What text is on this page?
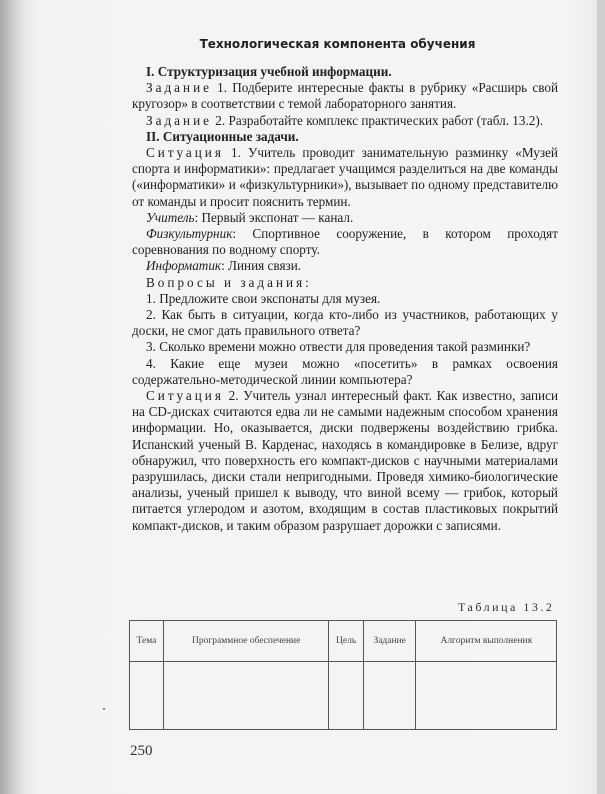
Технологическая компонента обучения

I. Структуризация учебной информации.

Задание 1. Подберите интересные факты в рубрику «Расширь свой кругозор» в соответствии с темой лабораторного занятия.

Задание 2. Разработайте комплекс практических работ (табл. 13.2).

II. Ситуационные задачи.

Ситуация 1. Учитель проводит занимательную разминку «Музей спорта и информатики»: предлагает учащимся разделиться на две команды («информатики» и «физкультурники»), вызывает по одному представителю от команды и просит пояснить термин.

Учитель: Первый экспонат — канал.

Физкультурник: Спортивное сооружение, в котором проходят соревнования по водному спорту.

Информатик: Линия связи.

Вопросы и задания:

1. Предложите свои экспонаты для музея.

2. Как быть в ситуации, когда кто-либо из участников, работающих у доски, не смог дать правильного ответа?

3. Сколько времени можно отвести для проведения такой разминки?

4. Какие еще музеи можно «посетить» в рамках освоения содержательно-методической линии компьютера?

Ситуация 2. Учитель узнал интересный факт. Как известно, записи на CD-дисках считаются едва ли не самыми надежным способом хранения информации. Но, оказывается, диски подвержены воздействию грибка. Испанский ученый В. Карденас, находясь в командировке в Белизе, вдруг обнаружил, что поверхность его компакт-дисков с научными материалами разрушилась, диски стали непригодными. Проведя химико-биологические анализы, ученый пришел к выводу, что виной всему — грибок, который питается углеродом и азотом, входящим в состав пластиковых покрытий компакт-дисков, и таким образом разрушает дорожки с записями.

Таблица 13.2
Тема	Программное обеспечение	Цель	Задание	Алгоритм выполнения

250
